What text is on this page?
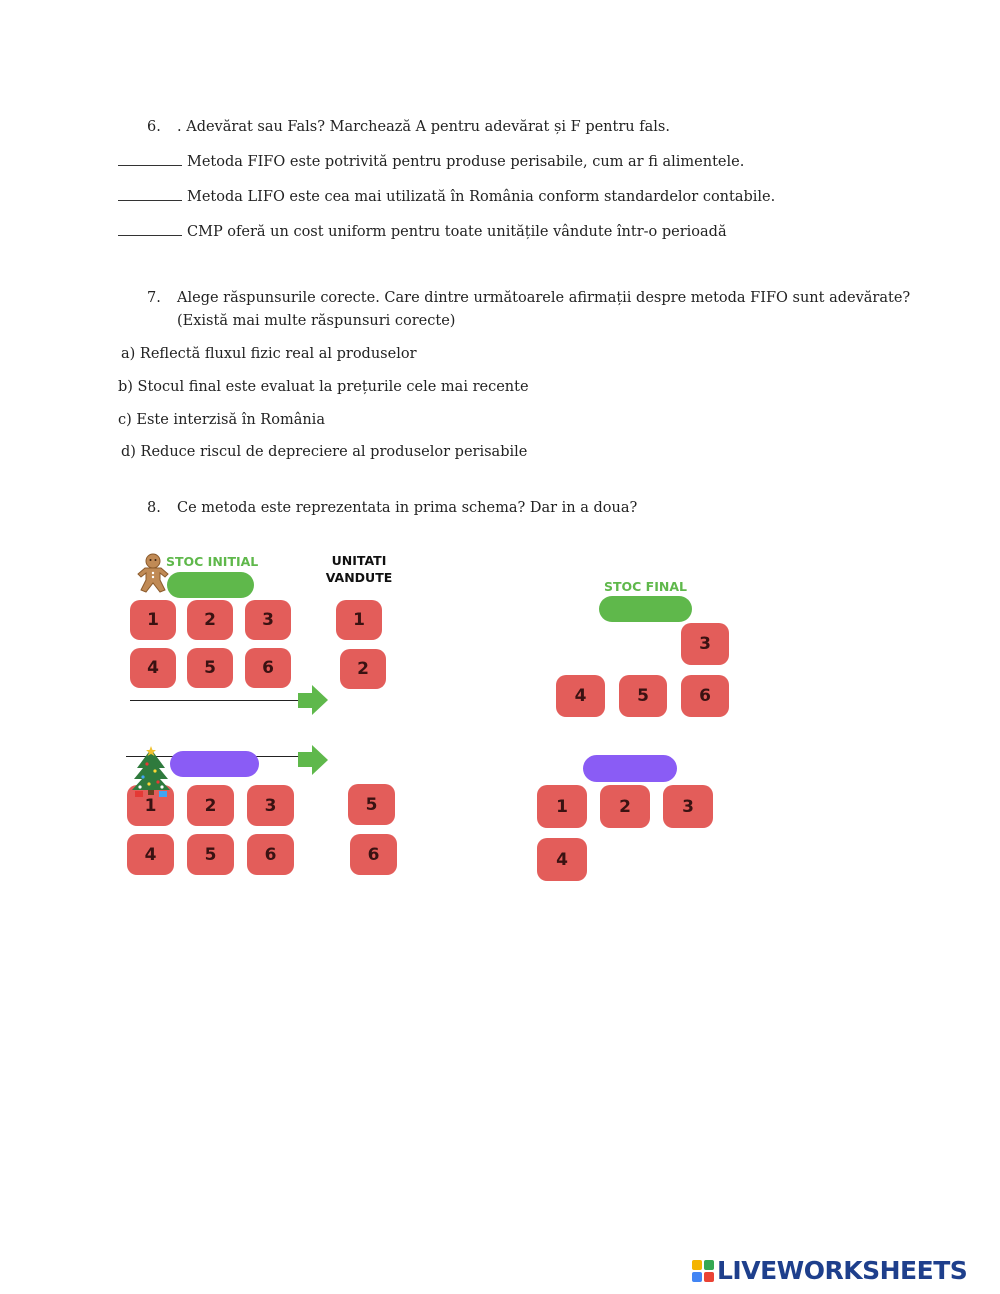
6. . Adevărat sau Fals? Marchează A pentru adevărat și F pentru fals.
Metoda FIFO este potrivită pentru produse perisabile, cum ar fi alimentele.
Metoda LIFO este cea mai utilizată în România conform standardelor contabile.
CMP oferă un cost uniform pentru toate unitățile vândute într-o perioadă
7. Alege răspunsurile corecte. Care dintre următoarele afirmații despre metoda FIFO sunt adevărate?
(Există mai multe răspunsuri corecte)
a) Reflectă fluxul fizic real al produselor
b) Stocul final este evaluat la prețurile cele mai recente
c) Este interzisă în România
d) Reduce riscul de depreciere al produselor perisabile
8. Ce metoda este reprezentata in prima schema? Dar in a doua?
STOC INITIAL	UNITATI
VANDUTE
1	2	3
4	5	6
1
2
STOC FINAL
3
4	5	6
1	2	3
4	5	6
5
6
1	2	3
4
LIVEWORKSHEETS
